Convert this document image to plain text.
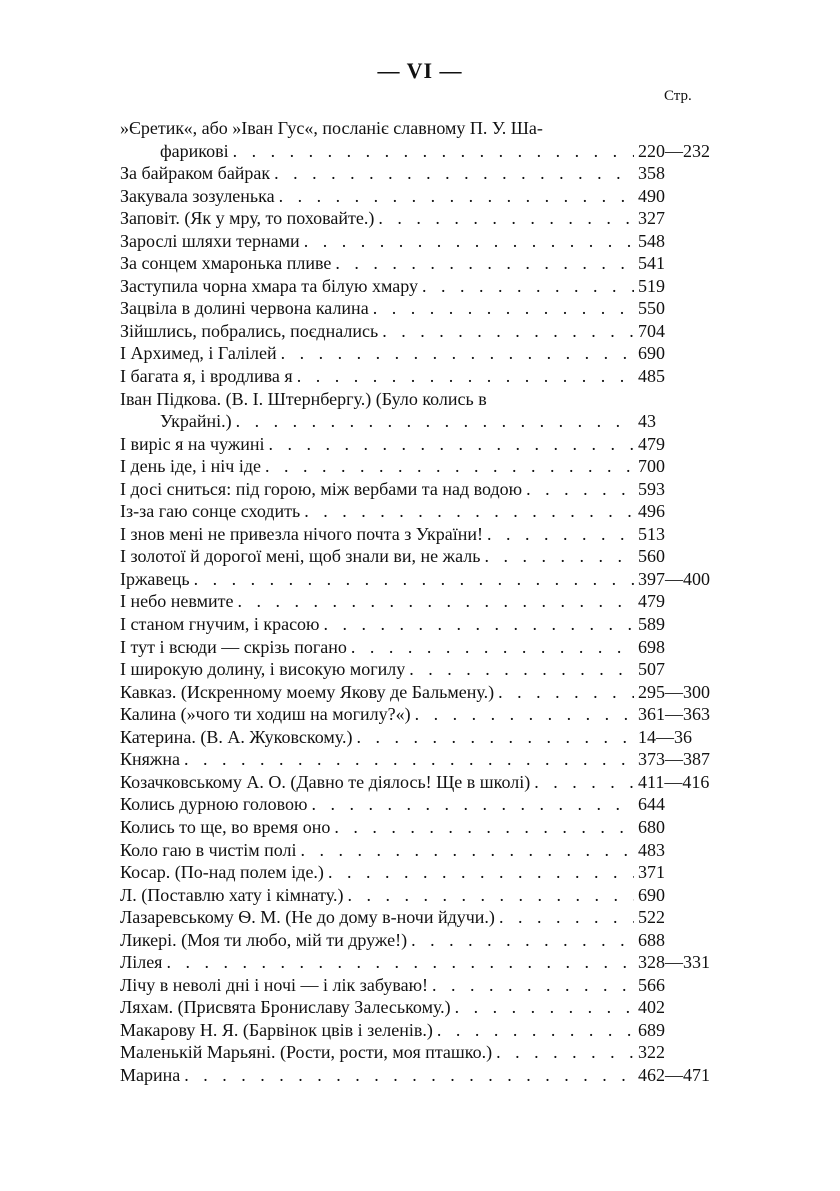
— VI —
Стр.
»Єретик«, або »Іван Гус«, посланіє славному П. У. Ша-
фарикові . . .	220—232
За байраком байрак . . .	358
Закувала зозуленька . . .	490
Заповіт. (Як у мру, то поховайте.) . . .	327
Зарослі шляхи тернами . . .	548
За сонцем хмаронька пливе . . .	541
Заступила чорна хмара та білую хмару . . .	519
Зацвіла в долині червона калина . . .	550
Зійшлись, побрались, поєднались . . .	704
І Архимед, і Галілей . . .	690
І багата я, і вродлива я . . .	485
Іван Підкова. (В. І. Штернбергу.) (Було колись в
Украйні.) . . .	43
І виріс я на чужині . . .	479
І день іде, і ніч іде . . .	700
І досі сниться: під горою, між вербами та над водою . . .	593
Із-за гаю сонце сходить . . .	496
І знов мені не привезла нічого почта з України! . . .	513
І золотої й дорогої мені, щоб знали ви, не жаль . . .	560
Іржавець . . .	397—400
І небо невмите . . .	479
І станом гнучим, і красою . . .	589
І тут і всюди — скрізь погано . . .	698
І широкую долину, і високую могилу . . .	507
Кавказ. (Искренному моему Якову де Бальмену.) . . .	295—300
Калина (»чого ти ходиш на могилу?«) . . .	361—363
Катерина. (В. А. Жуковскому.) . . .	14—36
Княжна . . .	373—387
Козачковському А. О. (Давно те діялось! Ще в школі) . . .	411—416
Колись дурною головою . . .	644
Колись то ще, во время оно . . .	680
Коло гаю в чистім полі . . .	483
Косар. (По-над полем іде.) . . .	371
Л. (Поставлю хату і кімнату.) . . .	690
Лазаревському Ѳ. М. (Не до дому в-ночи йдучи.) . . .	522
Ликері. (Моя ти любо, мій ти друже!) . . .	688
Лілея . . .	328—331
Лічу в неволі дні і ночі — і лік забуваю! . . .	566
Ляхам. (Присвята Брониславу Залеському.) . . .	402
Макарову Н. Я. (Барвінок цвів і зеленів.) . . .	689
Маленькій Марьяні. (Рости, рости, моя пташко.) . . .	322
Марина . . .	462—471
